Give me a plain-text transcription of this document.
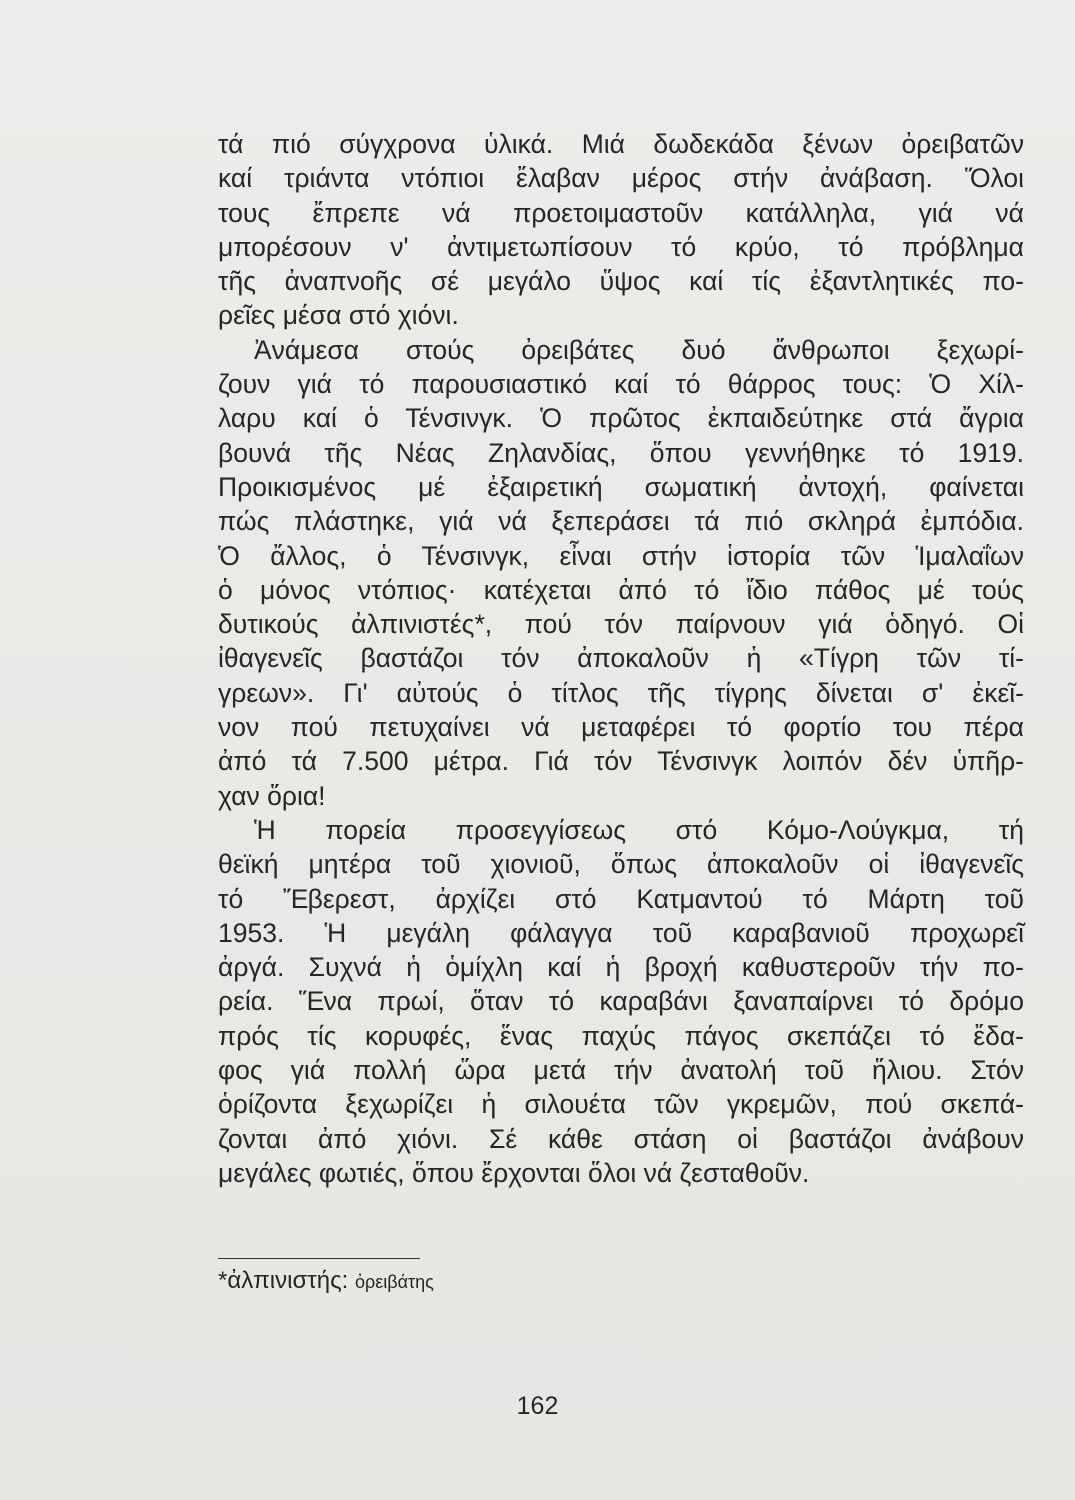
τά πιό σύγχρονα ὑλικά. Μιά δωδεκάδα ξένων ὀρειβατῶν
καί τριάντα ντόπιοι ἔλαβαν μέρος στήν ἀνάβαση. Ὅλοι
τους ἔπρεπε νά προετοιμαστοῦν κατάλληλα, γιά νά
μπορέσουν ν' ἀντιμετωπίσουν τό κρύο, τό πρόβλημα
τῆς ἀναπνοῆς σέ μεγάλο ὕψος καί τίς ἐξαντλητικές πο-
ρεῖες μέσα στό χιόνι.
Ἀνάμεσα στούς ὀρειβάτες δυό ἄνθρωποι ξεχωρί-
ζουν γιά τό παρουσιαστικό καί τό θάρρος τους: Ὁ Χίλ-
λαρυ καί ὁ Τένσινγκ. Ὁ πρῶτος ἐκπαιδεύτηκε στά ἄγρια
βουνά τῆς Νέας Ζηλανδίας, ὅπου γεννήθηκε τό 1919.
Προικισμένος μέ ἐξαιρετική σωματική ἀντοχή, φαίνεται
πώς πλάστηκε, γιά νά ξεπεράσει τά πιό σκληρά ἐμπόδια.
Ὁ ἄλλος, ὁ Τένσινγκ, εἶναι στήν ἱστορία τῶν Ἱμαλαΐων
ὁ μόνος ντόπιος· κατέχεται ἀπό τό ἴδιο πάθος μέ τούς
δυτικούς ἀλπινιστές*, πού τόν παίρνουν γιά ὁδηγό. Οἱ
ἰθαγενεῖς βαστάζοι τόν ἀποκαλοῦν ἡ «Τίγρη τῶν τί-
γρεων». Γι' αὐτούς ὁ τίτλος τῆς τίγρης δίνεται σ' ἐκεῖ-
νον πού πετυχαίνει νά μεταφέρει τό φορτίο του πέρα
ἀπό τά 7.500 μέτρα. Γιά τόν Τένσινγκ λοιπόν δέν ὑπῆρ-
χαν ὅρια!
Ἡ πορεία προσεγγίσεως στό Κόμο-Λούγκμα, τή
θεϊκή μητέρα τοῦ χιονιοῦ, ὅπως ἀποκαλοῦν οἱ ἰθαγενεῖς
τό Ἔβερεστ, ἀρχίζει στό Κατμαντού τό Μάρτη τοῦ
1953. Ἡ μεγάλη φάλαγγα τοῦ καραβανιοῦ προχωρεῖ
ἀργά. Συχνά ἡ ὁμίχλη καί ἡ βροχή καθυστεροῦν τήν πο-
ρεία. Ἕνα πρωί, ὅταν τό καραβάνι ξαναπαίρνει τό δρόμο
πρός τίς κορυφές, ἕνας παχύς πάγος σκεπάζει τό ἔδα-
φος γιά πολλή ὥρα μετά τήν ἀνατολή τοῦ ἥλιου. Στόν
ὁρίζοντα ξεχωρίζει ἡ σιλουέτα τῶν γκρεμῶν, πού σκεπά-
ζονται ἀπό χιόνι. Σέ κάθε στάση οἱ βαστάζοι ἀνάβουν
μεγάλες φωτιές, ὅπου ἔρχονται ὅλοι νά ζεσταθοῦν.
*ἀλπινιστής: ὀρειβάτης
162
